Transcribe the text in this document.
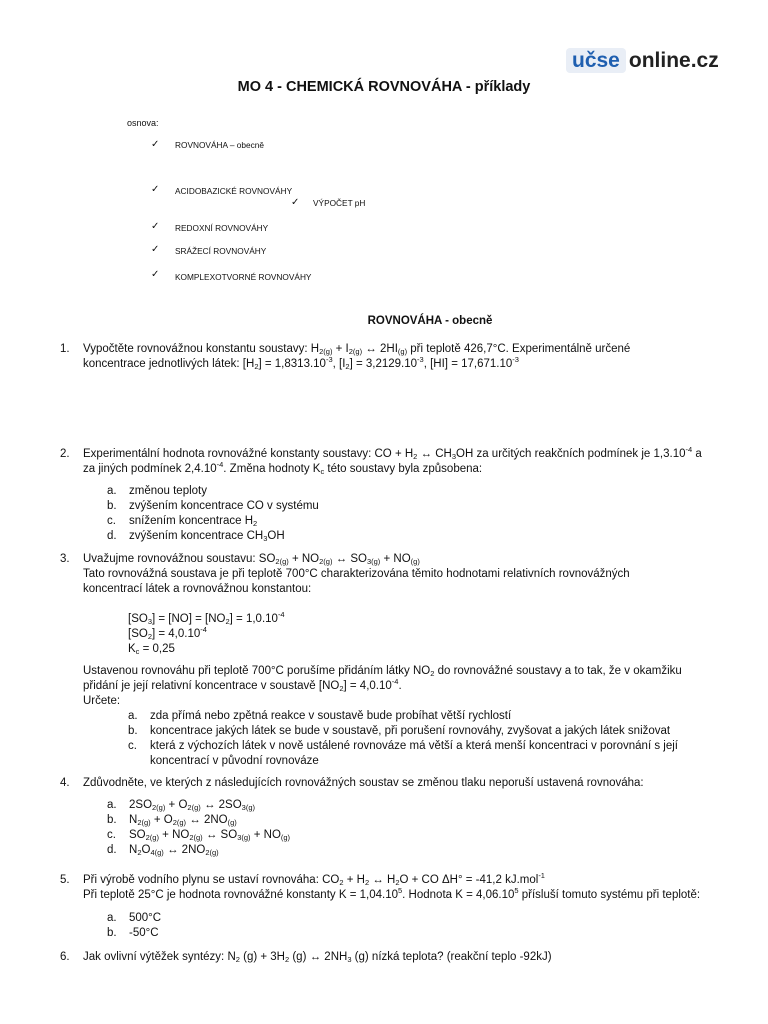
učse online.cz
MO 4 - CHEMICKÁ ROVNOVÁHA - příklady
osnova:
✓ ROVNOVÁHA – obecně
✓ ACIDOBAZICKÉ ROVNOVÁHY
✓ VÝPOČET pH
✓ REDOXNÍ ROVNOVÁHY
✓ SRÁŽECÍ ROVNOVÁHY
✓ KOMPLEXOTVORNÉ ROVNOVÁHY
ROVNOVÁHA - obecně
1. Vypočtěte rovnovážnou konstantu soustavy: $H_{2(g)} + I_{2(g)}$ ↔ $2HI_{(g)}$ při teplotě 426,7°C. Experimentálně určené
koncentrace jednotlivých látek: $[H_2] = 1,8313.10^{-3}$, $[I_2] = 3,2129.10^{-3}$, $[HI] = 17,671.10^{-3}$
2. Experimentální hodnota rovnovážné konstanty soustavy: CO + $H_2$ ↔ $CH_3OH$ za určitých reakčních podmínek je $1,3.10^{-4}$ a
za jiných podmínek $2,4.10^{-4}$. Změna hodnoty $K_c$ této soustavy byla způsobena:
a. změnou teploty
b. zvýšením koncentrace CO v systému
c. snížením koncentrace $H_2$
d. zvýšením koncentrace $CH_3OH$
3. Uvažujme rovnovážnou soustavu: $SO_{2(g)} + NO_{2(g)}$ ↔ $SO_{3(g)} + NO_{(g)}$
Tato rovnovážná soustava je při teplotě 700°C charakterizována těmito hodnotami relativních rovnovážných
koncentrací látek a rovnovážnou konstantou:
$[SO_3] = [NO] = [NO_2] = 1,0.10^{-4}$
$[SO_2] = 4,0.10^{-4}$
$K_c = 0,25$
Ustavenou rovnováhu při teplotě 700°C porušíme přidáním látky $NO_2$ do rovnovážné soustavy a to tak, že v okamžiku
přidání je její relativní koncentrace v soustavě $[NO_2] = 4,0.10^{-4}$.
Určete:
a. zda přímá nebo zpětná reakce v soustavě bude probíhat větší rychlostí
b. koncentrace jakých látek se bude v soustavě, při porušení rovnováhy, zvyšovat a jakých látek snižovat
c. která z výchozích látek v nově ustálené rovnováze má větší a která menší koncentraci v porovnání s její
koncentrací v původní rovnováze
4. Zdůvodněte, ve kterých z následujících rovnovážných soustav se změnou tlaku neporuší ustavená rovnováha:
a. $2SO_{2(g)} + O_{2(g)}$ ↔ $2SO_{3(g)}$
b. $N_{2(g)} + O_{2(g)}$ ↔ $2NO_{(g)}$
c. $SO_{2(g)} + NO_{2(g)}$ ↔ $SO_{3(g)} + NO_{(g)}$
d. $N_2O_{4(g)}$ ↔ $2NO_{2(g)}$
5. Při výrobě vodního plynu se ustaví rovnováha: $CO_2 + H_2$ ↔ $H_2O$ + CO ΔH° = -41,2 kJ.mol$^{-1}$
Při teplotě 25°C je hodnota rovnovážné konstanty $K = 1,04.10^5$. Hodnota $K = 4,06.10^5$ přísluší tomuto systému při teplotě:
a. 500°C
b. -50°C
6. Jak ovlivní výtěžek syntézy: $N_2$ $(g) + 3H_2$ (g) ↔ $2NH_3$ (g) nízká teplota? (reakční teplo -92kJ)
